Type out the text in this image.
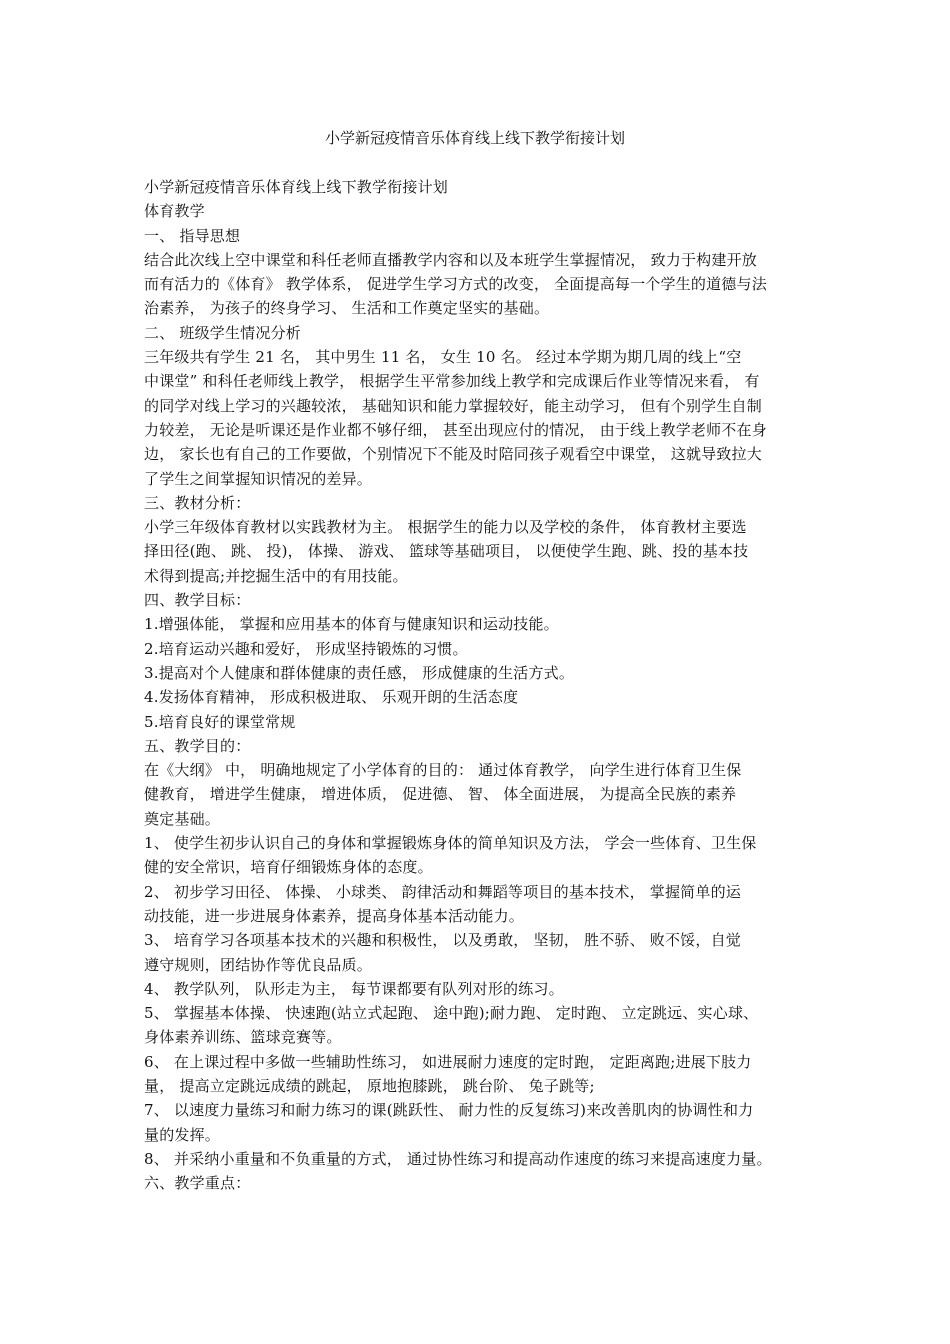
小学新冠疫情音乐体育线上线下教学衔接计划
小学新冠疫情音乐体育线上线下教学衔接计划
体育教学
一、 指导思想
结合此次线上空中课堂和科任老师直播教学内容和以及本班学生掌握情况， 致力于构建开放
而有活力的《体育》 教学体系， 促进学生学习方式的改变， 全面提高每一个学生的道德与法
治素养， 为孩子的终身学习、 生活和工作奠定坚实的基础。
二、 班级学生情况分析
三年级共有学生 21 名， 其中男生 11 名， 女生 10 名。 经过本学期为期几周的线上“空
中课堂” 和科任老师线上教学， 根据学生平常参加线上教学和完成课后作业等情况来看， 有
的同学对线上学习的兴趣较浓， 基础知识和能力掌握较好，能主动学习， 但有个别学生自制
力较差， 无论是听课还是作业都不够仔细， 甚至出现应付的情况， 由于线上教学老师不在身
边， 家长也有自己的工作要做，个别情况下不能及时陪同孩子观看空中课堂， 这就导致拉大
了学生之间掌握知识情况的差异。
三、教材分析：
小学三年级体育教材以实践教材为主。 根据学生的能力以及学校的条件， 体育教材主要选
择田径(跑、 跳、 投)， 体操、 游戏、 篮球等基础项目， 以便使学生跑、跳、投的基本技
术得到提高;并挖掘生活中的有用技能。
四、教学目标：
1.增强体能， 掌握和应用基本的体育与健康知识和运动技能。
2.培育运动兴趣和爱好， 形成坚持锻炼的习惯。
3.提高对个人健康和群体健康的责任感， 形成健康的生活方式。
4.发扬体育精神， 形成积极进取、 乐观开朗的生活态度
5.培育良好的课堂常规
五、教学目的：
在《大纲》 中， 明确地规定了小学体育的目的： 通过体育教学， 向学生进行体育卫生保
健教育， 增进学生健康， 增进体质， 促进德、 智、 体全面进展， 为提高全民族的素养
奠定基础。
1、 使学生初步认识自己的身体和掌握锻炼身体的简单知识及方法， 学会一些体育、卫生保
健的安全常识，培育仔细锻炼身体的态度。
2、 初步学习田径、 体操、 小球类、 韵律活动和舞蹈等项目的基本技术， 掌握简单的运
动技能，进一步进展身体素养，提高身体基本活动能力。
3、 培育学习各项基本技术的兴趣和积极性， 以及勇敢， 坚韧， 胜不骄、 败不馁，自觉
遵守规则，团结协作等优良品质。
4、 教学队列， 队形走为主， 每节课都要有队列对形的练习。
5、 掌握基本体操、 快速跑(站立式起跑、 途中跑);耐力跑、 定时跑、 立定跳远、实心球、
身体素养训练、篮球竞赛等。
6、 在上课过程中多做一些辅助性练习， 如进展耐力速度的定时跑， 定距离跑;进展下肢力
量， 提高立定跳远成绩的跳起， 原地抱膝跳， 跳台阶、 兔子跳等;
7、 以速度力量练习和耐力练习的课(跳跃性、 耐力性的反复练习)来改善肌肉的协调性和力
量的发挥。
8、 并采纳小重量和不负重量的方式， 通过协性练习和提高动作速度的练习来提高速度力量。
六、教学重点：
